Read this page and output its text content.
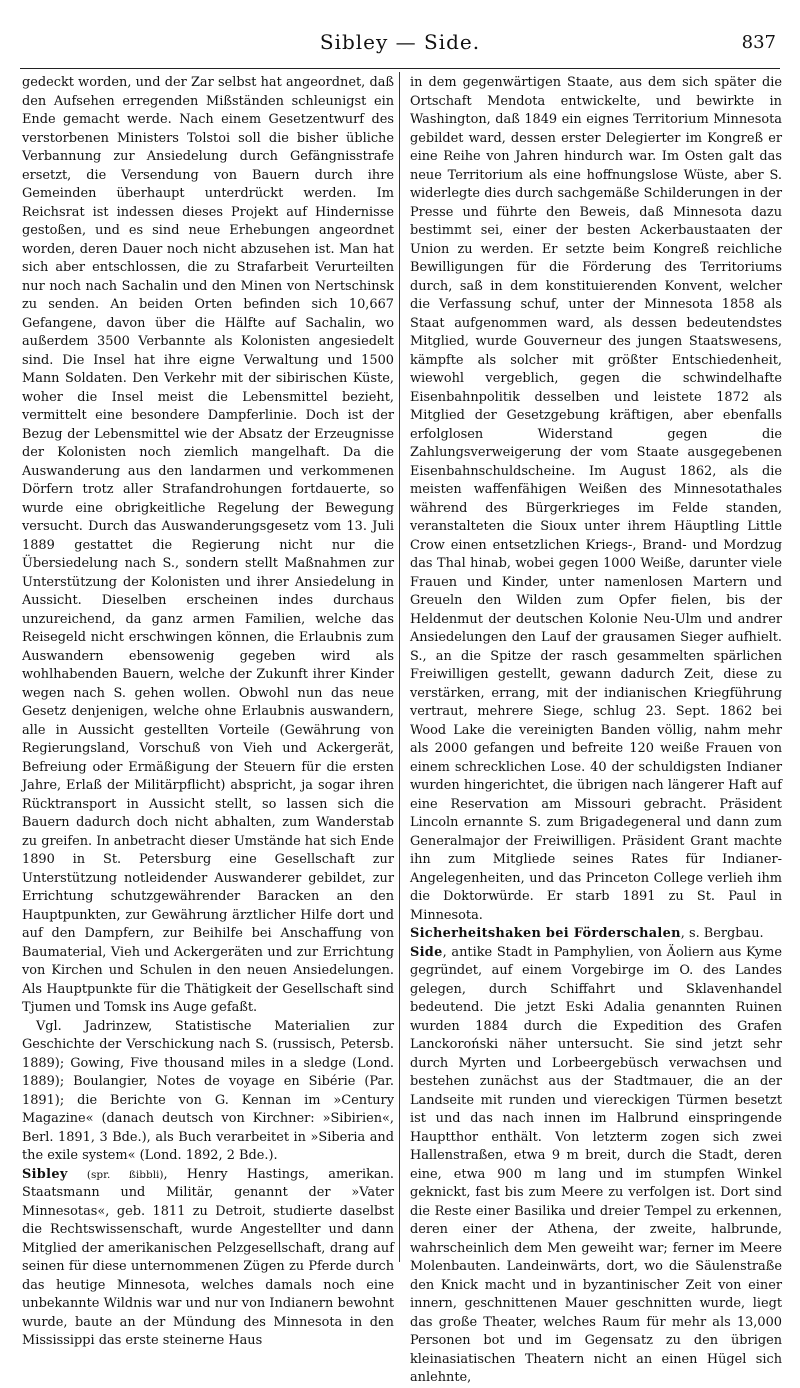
Sibley — Side.	837

gedeckt worden, und der Zar selbst hat angeordnet, daß den Aufsehen erregenden Mißständen schleunigst ein Ende gemacht werde. Nach einem Gesetzentwurf des verstorbenen Ministers Tolstoi soll die bisher übliche Verbannung zur Ansiedelung durch Gefängnisstrafe ersetzt, die Versendung von Bauern durch ihre Gemeinden überhaupt unterdrückt werden. Im Reichsrat ist indessen dieses Projekt auf Hindernisse gestoßen, und es sind neue Erhebungen angeordnet worden, deren Dauer noch nicht abzusehen ist. Man hat sich aber entschlossen, die zu Strafarbeit Verurteilten nur noch nach Sachalin und den Minen von Nertschinsk zu senden. An beiden Orten befinden sich 10,667 Gefangene, davon über die Hälfte auf Sachalin, wo außerdem 3500 Verbannte als Kolonisten angesiedelt sind. Die Insel hat ihre eigne Verwaltung und 1500 Mann Soldaten. Den Verkehr mit der sibirischen Küste, woher die Insel meist die Lebensmittel bezieht, vermittelt eine besondere Dampferlinie. Doch ist der Bezug der Lebensmittel wie der Absatz der Erzeugnisse der Kolonisten noch ziemlich mangelhaft. Da die Auswanderung aus den landarmen und verkommenen Dörfern trotz aller Strafandrohungen fortdauerte, so wurde eine obrigkeitliche Regelung der Bewegung versucht. Durch das Auswanderungsgesetz vom 13. Juli 1889 gestattet die Regierung nicht nur die Übersiedelung nach S., sondern stellt Maßnahmen zur Unterstützung der Kolonisten und ihrer Ansiedelung in Aussicht. Dieselben erscheinen indes durchaus unzureichend, da ganz armen Familien, welche das Reisegeld nicht erschwingen können, die Erlaubnis zum Auswandern ebensowenig gegeben wird als wohlhabenden Bauern, welche der Zukunft ihrer Kinder wegen nach S. gehen wollen. Obwohl nun das neue Gesetz denjenigen, welche ohne Erlaubnis auswandern, alle in Aussicht gestellten Vorteile (Gewährung von Regierungsland, Vorschuß von Vieh und Ackergerät, Befreiung oder Ermäßigung der Steuern für die ersten Jahre, Erlaß der Militärpflicht) abspricht, ja sogar ihren Rücktransport in Aussicht stellt, so lassen sich die Bauern dadurch doch nicht abhalten, zum Wanderstab zu greifen. In anbetracht dieser Umstände hat sich Ende 1890 in St. Petersburg eine Gesellschaft zur Unterstützung notleidender Auswanderer gebildet, zur Errichtung schutzgewährender Baracken an den Hauptpunkten, zur Gewährung ärztlicher Hilfe dort und auf den Dampfern, zur Beihilfe bei Anschaffung von Baumaterial, Vieh und Ackergeräten und zur Errichtung von Kirchen und Schulen in den neuen Ansiedelungen. Als Hauptpunkte für die Thätigkeit der Gesellschaft sind Tjumen und Tomsk ins Auge gefaßt.

Vgl. Jadrinzew, Statistische Materialien zur Geschichte der Verschickung nach S. (russisch, Petersb. 1889); Gowing, Five thousand miles in a sledge (Lond. 1889); Boulangier, Notes de voyage en Sibérie (Par. 1891); die Berichte von G. Kennan im »Century Magazine« (danach deutsch von Kirchner: »Sibirien«, Berl. 1891, 3 Bde.), als Buch verarbeitet in »Siberia and the exile system« (Lond. 1892, 2 Bde.).

Sibley (spr. ßibbli), Henry Hastings, amerikan. Staatsmann und Militär, genannt der »Vater Minnesotas«, geb. 1811 zu Detroit, studierte daselbst die Rechtswissenschaft, wurde Angestellter und dann Mitglied der amerikanischen Pelzgesellschaft, drang auf seinen für diese unternommenen Zügen zu Pferde durch das heutige Minnesota, welches damals noch eine unbekannte Wildnis war und nur von Indianern bewohnt wurde, baute an der Mündung des Minnesota in den Mississippi das erste steinerne Haus

in dem gegenwärtigen Staate, aus dem sich später die Ortschaft Mendota entwickelte, und bewirkte in Washington, daß 1849 ein eignes Territorium Minnesota gebildet ward, dessen erster Delegierter im Kongreß er eine Reihe von Jahren hindurch war. Im Osten galt das neue Territorium als eine hoffnungslose Wüste, aber S. widerlegte dies durch sachgemäße Schilderungen in der Presse und führte den Beweis, daß Minnesota dazu bestimmt sei, einer der besten Ackerbaustaaten der Union zu werden. Er setzte beim Kongreß reichliche Bewilligungen für die Förderung des Territoriums durch, saß in dem konstituierenden Konvent, welcher die Verfassung schuf, unter der Minnesota 1858 als Staat aufgenommen ward, als dessen bedeutendstes Mitglied, wurde Gouverneur des jungen Staatswesens, kämpfte als solcher mit größter Entschiedenheit, wiewohl vergeblich, gegen die schwindelhafte Eisenbahnpolitik desselben und leistete 1872 als Mitglied der Gesetzgebung kräftigen, aber ebenfalls erfolglosen Widerstand gegen die Zahlungsverweigerung der vom Staate ausgegebenen Eisenbahnschuldscheine. Im August 1862, als die meisten waffenfähigen Weißen des Minnesotathales während des Bürgerkrieges im Felde standen, veranstalteten die Sioux unter ihrem Häuptling Little Crow einen entsetzlichen Kriegs-, Brand- und Mordzug das Thal hinab, wobei gegen 1000 Weiße, darunter viele Frauen und Kinder, unter namenlosen Martern und Greueln den Wilden zum Opfer fielen, bis der Heldenmut der deutschen Kolonie Neu-Ulm und andrer Ansiedelungen den Lauf der grausamen Sieger aufhielt. S., an die Spitze der rasch gesammelten spärlichen Freiwilligen gestellt, gewann dadurch Zeit, diese zu verstärken, errang, mit der indianischen Kriegführung vertraut, mehrere Siege, schlug 23. Sept. 1862 bei Wood Lake die vereinigten Banden völlig, nahm mehr als 2000 gefangen und befreite 120 weiße Frauen von einem schrecklichen Lose. 40 der schuldigsten Indianer wurden hingerichtet, die übrigen nach längerer Haft auf eine Reservation am Missouri gebracht. Präsident Lincoln ernannte S. zum Brigadegeneral und dann zum Generalmajor der Freiwilligen. Präsident Grant machte ihn zum Mitgliede seines Rates für Indianer-Angelegenheiten, und das Princeton College verlieh ihm die Doktorwürde. Er starb 1891 zu St. Paul in Minnesota.

Sicherheitshaken bei Förderschalen, s. Bergbau.

Side, antike Stadt in Pamphylien, von Äoliern aus Kyme gegründet, auf einem Vorgebirge im O. des Landes gelegen, durch Schiffahrt und Sklavenhandel bedeutend. Die jetzt Eski Adalia genannten Ruinen wurden 1884 durch die Expedition des Grafen Lanckoroński näher untersucht. Sie sind jetzt sehr durch Myrten und Lorbeergebüsch verwachsen und bestehen zunächst aus der Stadtmauer, die an der Landseite mit runden und viereckigen Türmen besetzt ist und das nach innen im Halbrund einspringende Hauptthor enthält. Von letzterm zogen sich zwei Hallenstraßen, etwa 9 m breit, durch die Stadt, deren eine, etwa 900 m lang und im stumpfen Winkel geknickt, fast bis zum Meere zu verfolgen ist. Dort sind die Reste einer Basilika und dreier Tempel zu erkennen, deren einer der Athena, der zweite, halbrunde, wahrscheinlich dem Men geweiht war; ferner im Meere Molenbauten. Landeinwärts, dort, wo die Säulenstraße den Knick macht und in byzantinischer Zeit von einer innern, geschnittenen Mauer geschnitten wurde, liegt das große Theater, welches Raum für mehr als 13,000 Personen bot und im Gegensatz zu den übrigen kleinasiatischen Theatern nicht an einen Hügel sich anlehnte,
